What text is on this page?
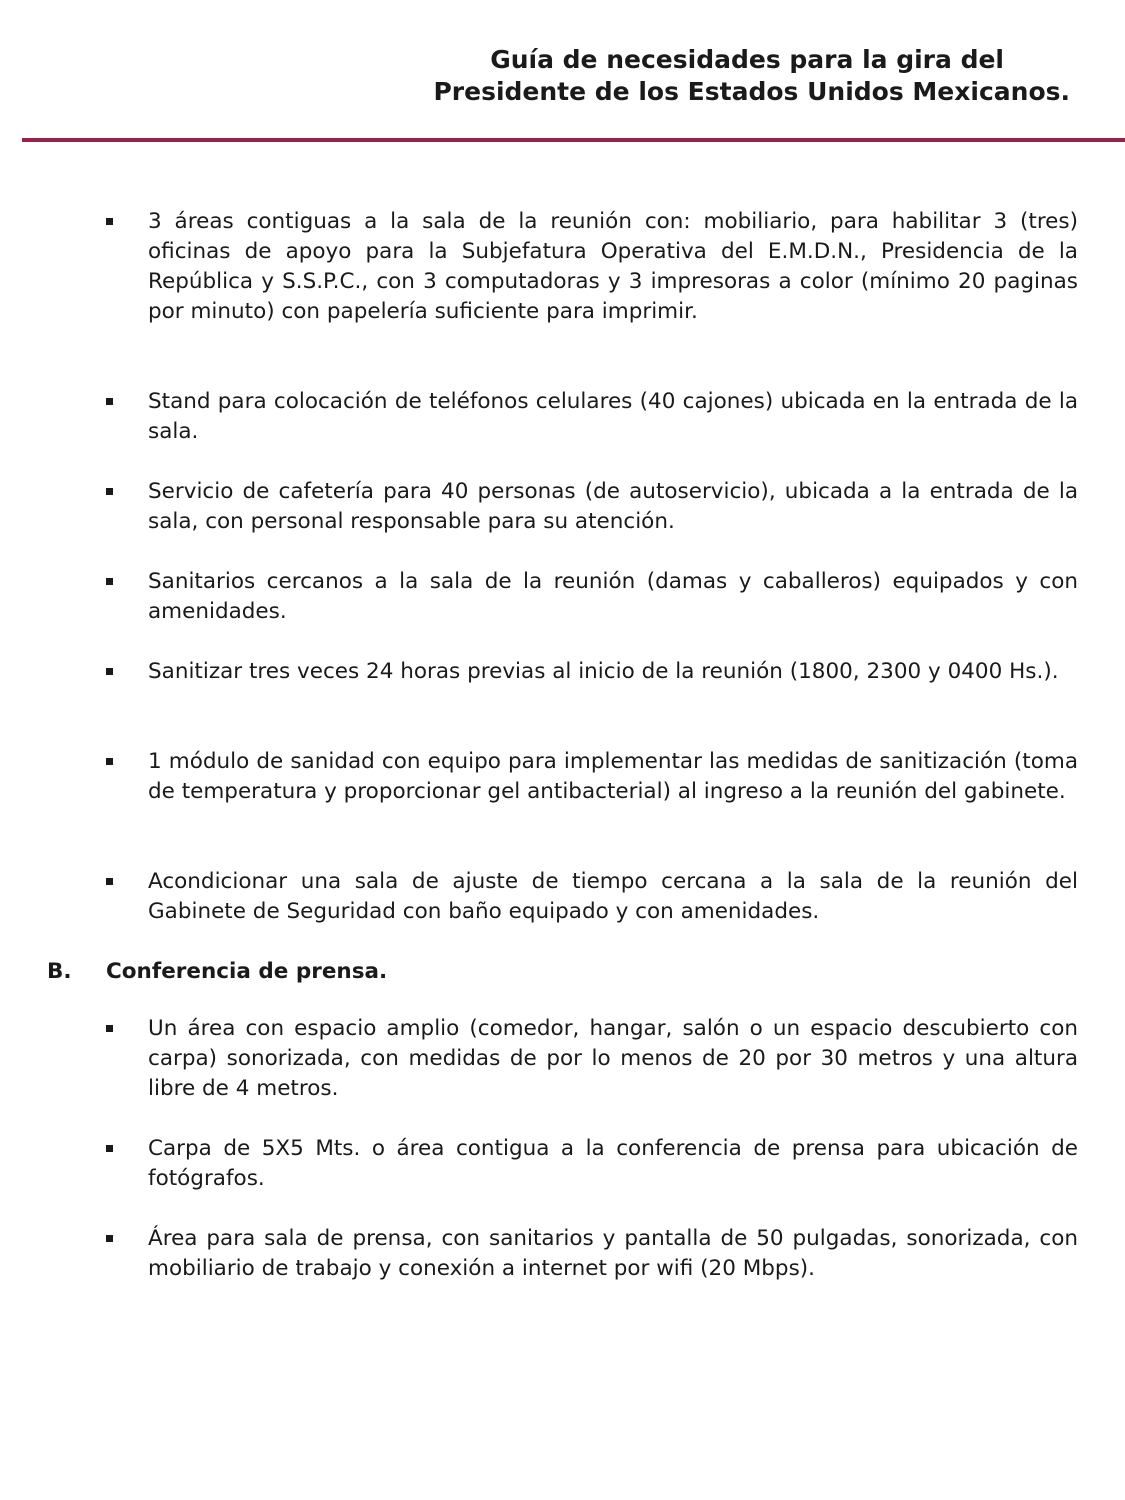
Guía de necesidades para la gira del
Presidente de los Estados Unidos Mexicanos.
3 áreas contiguas a la sala de la reunión con: mobiliario, para habilitar 3 (tres) oficinas de apoyo para la Subjefatura Operativa del E.M.D.N., Presidencia de la República y S.S.P.C., con 3 computadoras y 3 impresoras a color (mínimo 20 paginas por minuto) con papelería suficiente para imprimir.
Stand para colocación de teléfonos celulares (40 cajones) ubicada en la entrada de la sala.
Servicio de cafetería para 40 personas (de autoservicio), ubicada a la entrada de la sala, con personal responsable para su atención.
Sanitarios cercanos a la sala de la reunión (damas y caballeros) equipados y con amenidades.
Sanitizar tres veces 24 horas previas al inicio de la reunión (1800, 2300 y 0400 Hs.).
1 módulo de sanidad con equipo para implementar las medidas de sanitización (toma de temperatura y proporcionar gel antibacterial) al ingreso a la reunión del gabinete.
Acondicionar una sala de ajuste de tiempo cercana a la sala de la reunión del Gabinete de Seguridad con baño equipado y con amenidades.
B. Conferencia de prensa.
Un área con espacio amplio (comedor, hangar, salón o un espacio descubierto con carpa) sonorizada, con medidas de por lo menos de 20 por 30 metros y una altura libre de 4 metros.
Carpa de 5X5 Mts. o área contigua a la conferencia de prensa para ubicación de fotógrafos.
Área para sala de prensa, con sanitarios y pantalla de 50 pulgadas, sonorizada, con mobiliario de trabajo y conexión a internet por wifi (20 Mbps).
